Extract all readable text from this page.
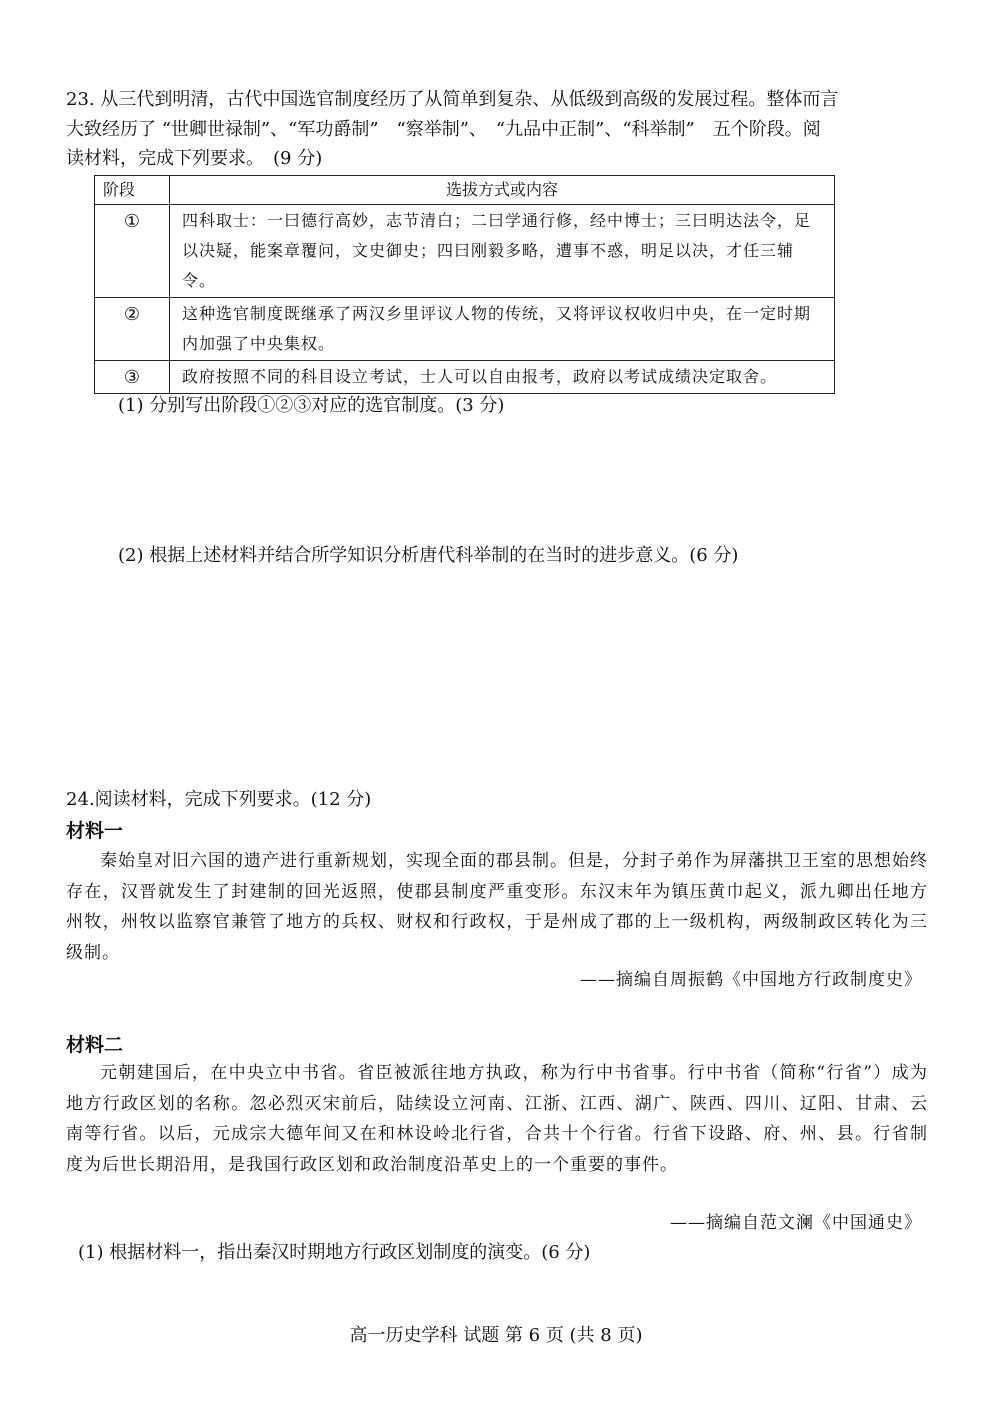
23. 从三代到明清，古代中国选官制度经历了从简单到复杂、从低级到高级的发展过程。整体而言
大致经历了 “世卿世禄制”、“军功爵制”　“察举制”、　“九品中正制”、“科举制”　五个阶段。阅
读材料，完成下列要求。　(9 分)
阶段	选拔方式或内容
①	四科取士：一曰德行高妙，志节清白；二曰学通行修，经中博士；三曰明达法令，足以决疑，能案章覆问，文史御史；四曰刚毅多略，遭事不惑，明足以决，才任三辅令。
②	这种选官制度既继承了两汉乡里评议人物的传统，又将评议权收归中央，在一定时期内加强了中央集权。
③	政府按照不同的科目设立考试，士人可以自由报考，政府以考试成绩决定取舍。
(1) 分别写出阶段①②③对应的选官制度。(3 分)
(2) 根据上述材料并结合所学知识分析唐代科举制的在当时的进步意义。(6 分)
24.阅读材料，完成下列要求。(12 分)
材料一
秦始皇对旧六国的遗产进行重新规划，实现全面的郡县制。但是，分封子弟作为屏藩拱卫王室的思想始终存在，汉晋就发生了封建制的回光返照，使郡县制度严重变形。东汉末年为镇压黄巾起义，派九卿出任地方州牧，州牧以监察官兼管了地方的兵权、财权和行政权，于是州成了郡的上一级机构，两级制政区转化为三级制。
——摘编自周振鹤《中国地方行政制度史》
材料二
元朝建国后，在中央立中书省。省臣被派往地方执政，称为行中书省事。行中书省（简称“行省”）成为地方行政区划的名称。忽必烈灭宋前后，陆续设立河南、江浙、江西、湖广、陕西、四川、辽阳、甘肃、云南等行省。以后，元成宗大德年间又在和林设岭北行省，合共十个行省。行省下设路、府、州、县。行省制度为后世长期沿用，是我国行政区划和政治制度沿革史上的一个重要的事件。
——摘编自范文澜《中国通史》
(1) 根据材料一，指出秦汉时期地方行政区划制度的演变。(6 分)
高一历史学科 试题 第 6 页 (共 8 页)
